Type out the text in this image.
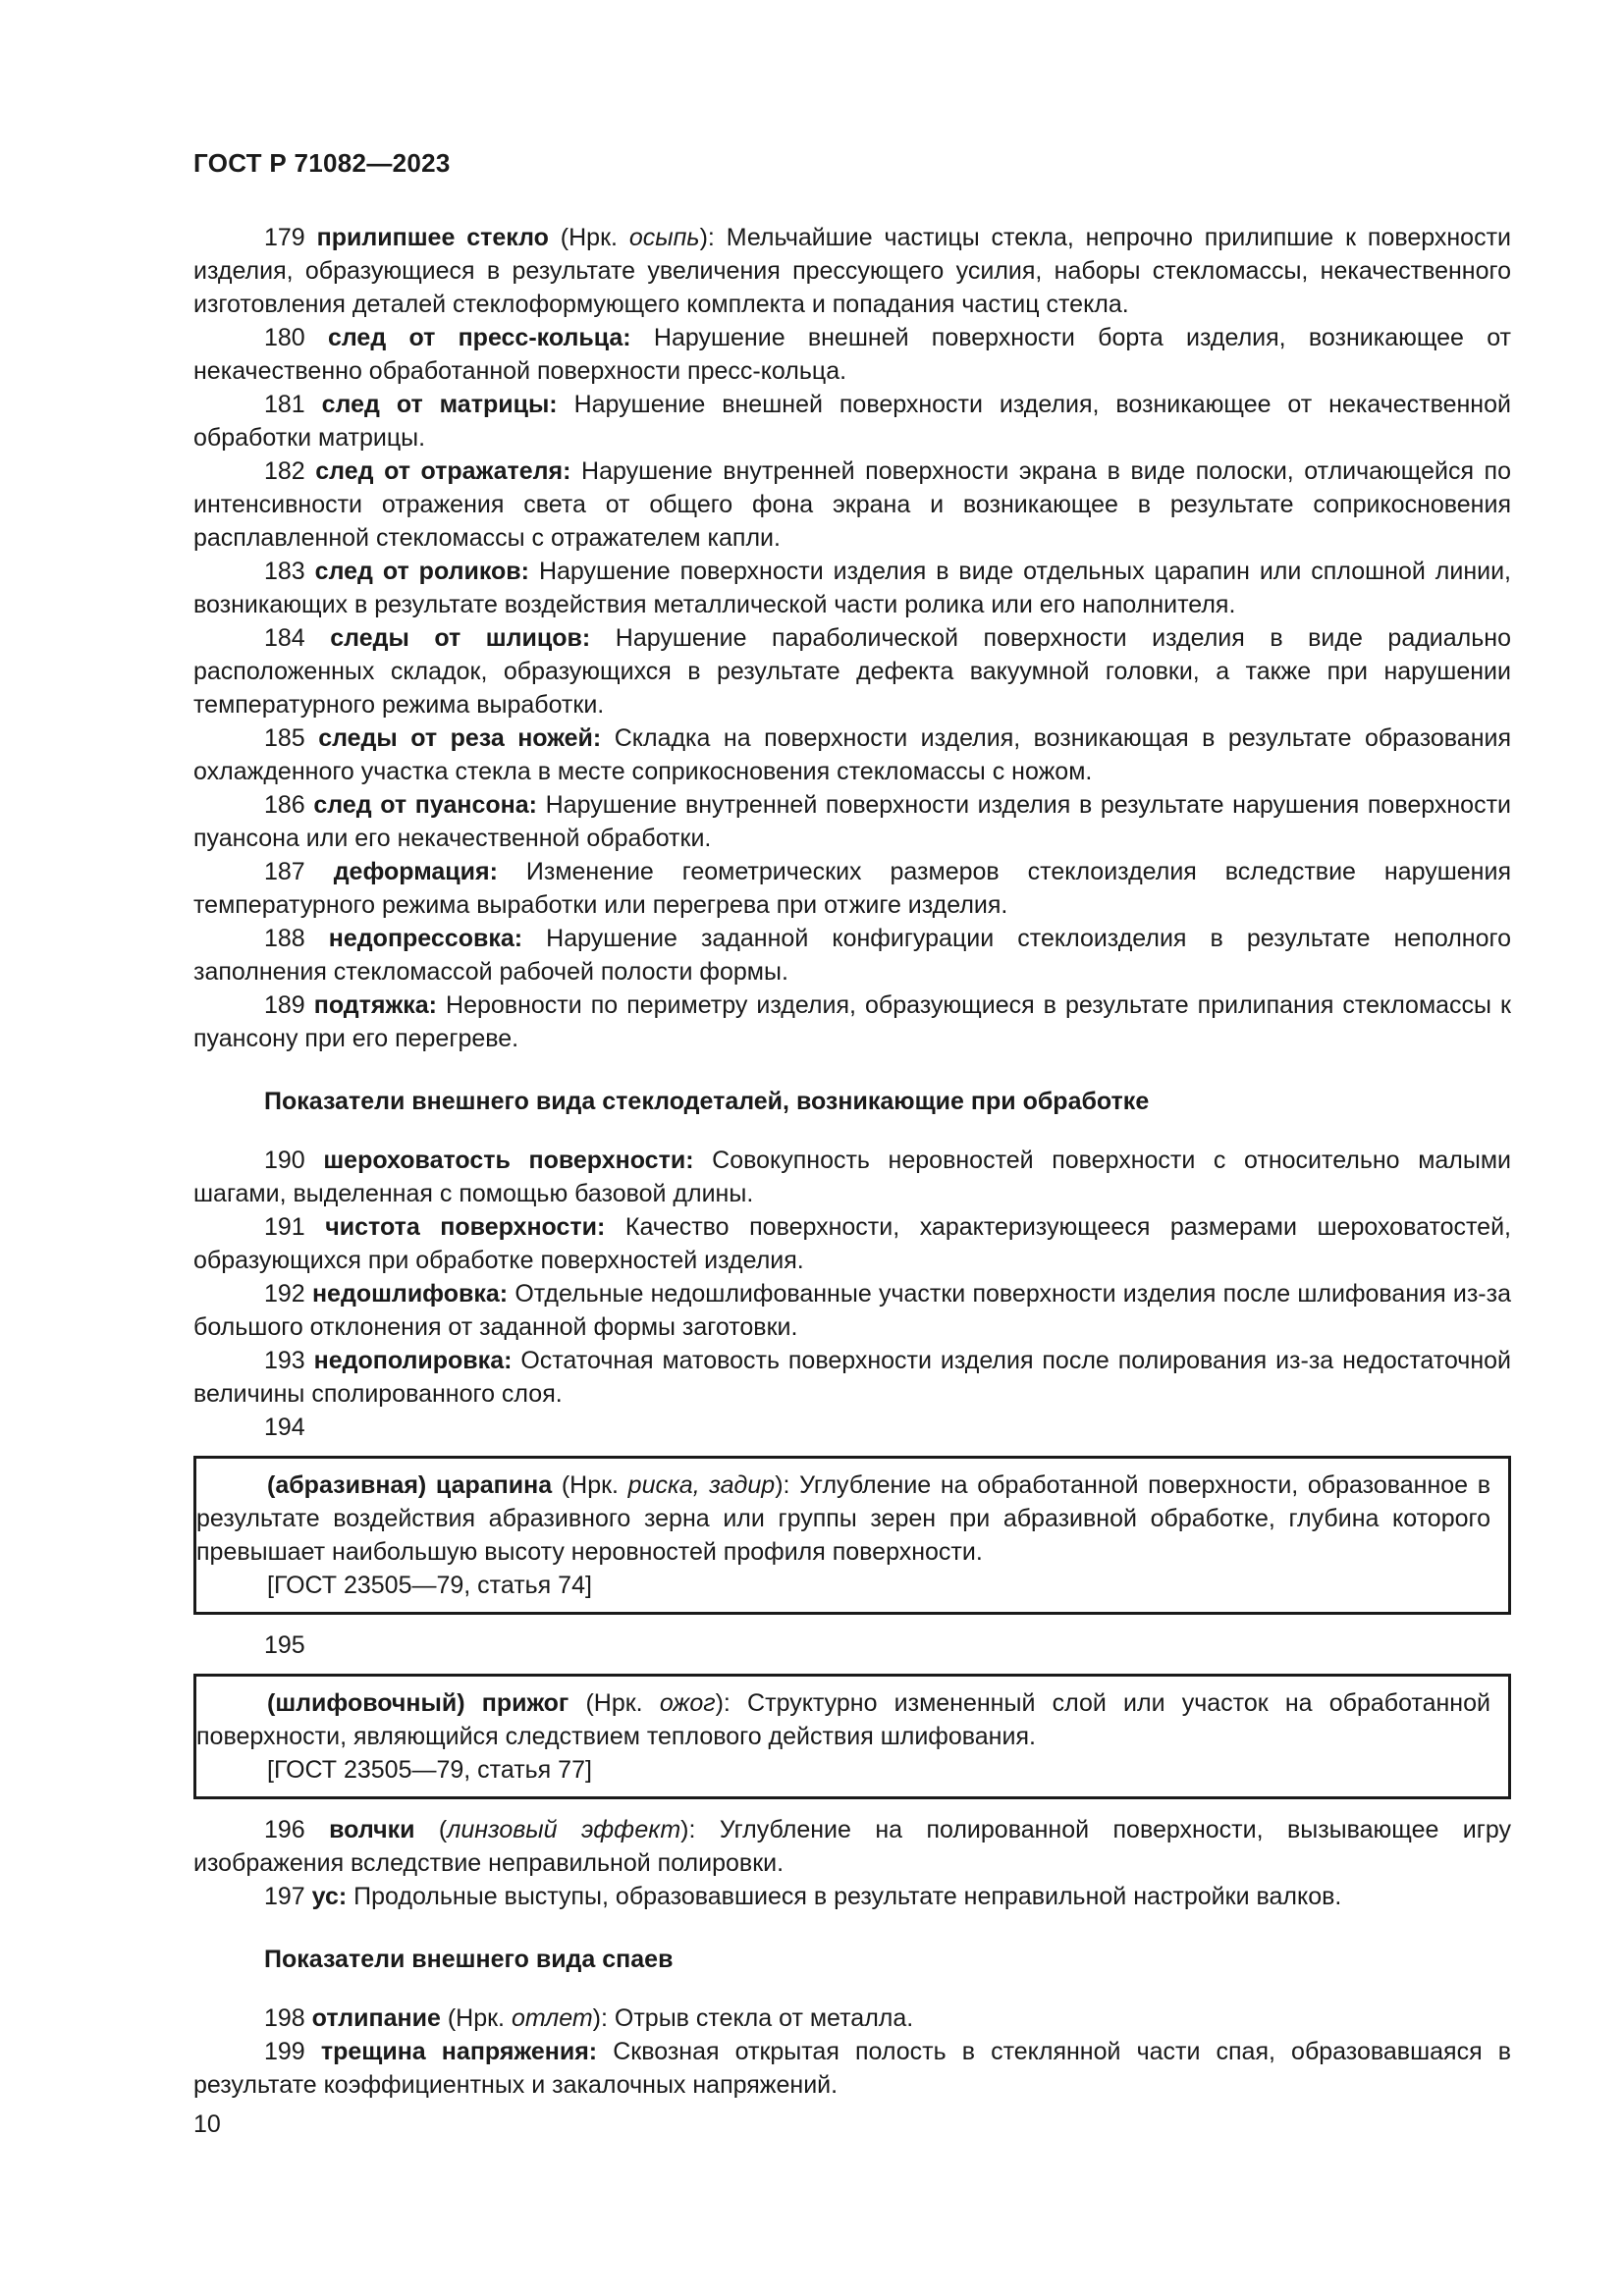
ГОСТ Р 71082—2023

179 прилипшее стекло (Нрк. осыпь): Мельчайшие частицы стекла, непрочно прилипшие к поверхности изделия, образующиеся в результате увеличения прессующего усилия, наборы стекломассы, некачественного изготовления деталей стеклоформующего комплекта и попадания частиц стекла.

180 след от пресс-кольца: Нарушение внешней поверхности борта изделия, возникающее от некачественно обработанной поверхности пресс-кольца.

181 след от матрицы: Нарушение внешней поверхности изделия, возникающее от некачественной обработки матрицы.

182 след от отражателя: Нарушение внутренней поверхности экрана в виде полоски, отличающейся по интенсивности отражения света от общего фона экрана и возникающее в результате соприкосновения расплавленной стекломассы с отражателем капли.

183 след от роликов: Нарушение поверхности изделия в виде отдельных царапин или сплошной линии, возникающих в результате воздействия металлической части ролика или его наполнителя.

184 следы от шлицов: Нарушение параболической поверхности изделия в виде радиально расположенных складок, образующихся в результате дефекта вакуумной головки, а также при нарушении температурного режима выработки.

185 следы от реза ножей: Складка на поверхности изделия, возникающая в результате образования охлажденного участка стекла в месте соприкосновения стекломассы с ножом.

186 след от пуансона: Нарушение внутренней поверхности изделия в результате нарушения поверхности пуансона или его некачественной обработки.

187 деформация: Изменение геометрических размеров стеклоизделия вследствие нарушения температурного режима выработки или перегрева при отжиге изделия.

188 недопрессовка: Нарушение заданной конфигурации стеклоизделия в результате неполного заполнения стекломассой рабочей полости формы.

189 подтяжка: Неровности по периметру изделия, образующиеся в результате прилипания стекломассы к пуансону при его перегреве.

Показатели внешнего вида стеклодеталей, возникающие при обработке

190 шероховатость поверхности: Совокупность неровностей поверхности с относительно малыми шагами, выделенная с помощью базовой длины.

191 чистота поверхности: Качество поверхности, характеризующееся размерами шероховатостей, образующихся при обработке поверхностей изделия.

192 недошлифовка: Отдельные недошлифованные участки поверхности изделия после шлифования из-за большого отклонения от заданной формы заготовки.

193 недополировка: Остаточная матовость поверхности изделия после полирования из-за недостаточной величины сполированного слоя.

194

(абразивная) царапина (Нрк. риска, задир): Углубление на обработанной поверхности, образованное в результате воздействия абразивного зерна или группы зерен при абразивной обработке, глубина которого превышает наибольшую высоту неровностей профиля поверхности.

[ГОСТ 23505—79, статья 74]

195

(шлифовочный) прижог (Нрк. ожог): Структурно измененный слой или участок на обработанной поверхности, являющийся следствием теплового действия шлифования.

[ГОСТ 23505—79, статья 77]

196 волчки (линзовый эффект): Углубление на полированной поверхности, вызывающее игру изображения вследствие неправильной полировки.

197 ус: Продольные выступы, образовавшиеся в результате неправильной настройки валков.

Показатели внешнего вида спаев

198 отлипание (Нрк. отлет): Отрыв стекла от металла.

199 трещина напряжения: Сквозная открытая полость в стеклянной части спая, образовавшаяся в результате коэффициентных и закалочных напряжений.

10
